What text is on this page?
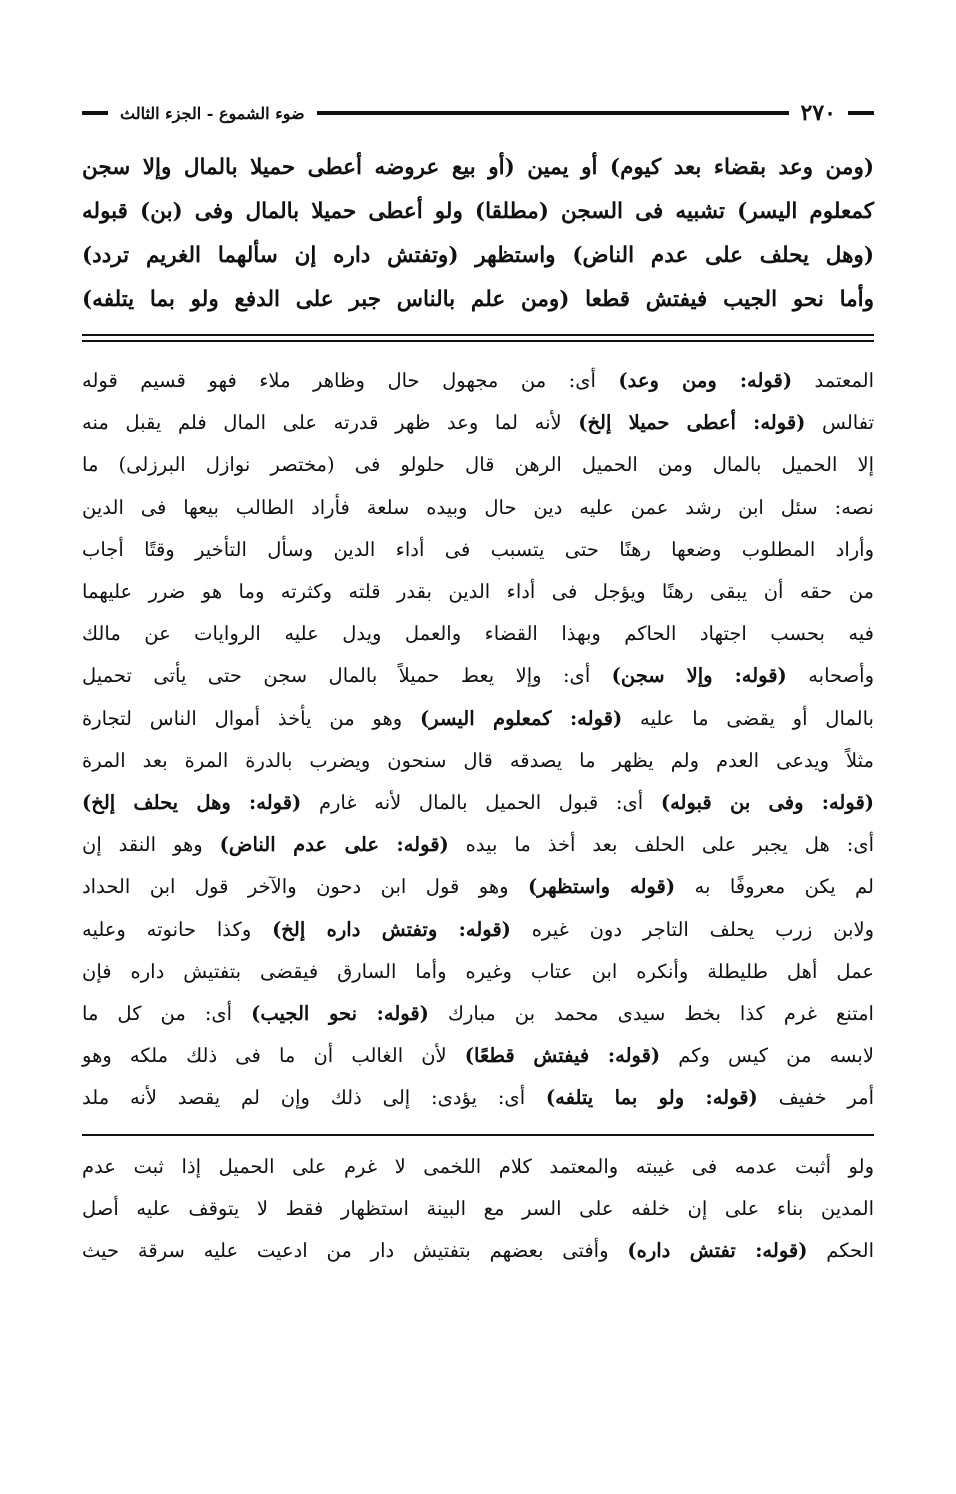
٢٧٠
ضوء الشموع - الجزء الثالث
(ومن وعد بقضاء بعد كيوم) أو يمين (أو بيع عروضه أعطى حميلا بالمال وإلا سجن
كمعلوم اليسر) تشبيه فى السجن (مطلقا) ولو أعطى حميلا بالمال وفى (بن) قبوله
(وهل يحلف على عدم الناض) واستظهر (وتفتش داره إن سألهما الغريم تردد)
وأما نحو الجيب فيفتش قطعا (ومن علم بالناس جبر على الدفع ولو بما يتلفه)

المعتمد (قوله: ومن وعد) أى: من مجهول حال وظاهر ملاء فهو قسيم قوله

تفالس (قوله: أعطى حميلا إلخ) لأنه لما وعد ظهر قدرته على المال فلم يقبل منه

إلا الحميل بالمال ومن الحميل الرهن قال حلولو فى (مختصر نوازل البرزلى) ما

نصه: سئل ابن رشد عمن عليه دين حال وبيده سلعة فأراد الطالب بيعها فى الدين

وأراد المطلوب وضعها رهنًا حتى يتسبب فى أداء الدين وسأل التأخير وقتًا أجاب

من حقه أن يبقى رهنًا ويؤجل فى أداء الدين بقدر قلته وكثرته وما هو ضرر عليهما

فيه بحسب اجتهاد الحاكم وبهذا القضاء والعمل ويدل عليه الروايات عن مالك

وأصحابه (قوله: وإلا سجن) أى: وإلا يعط حميلاً بالمال سجن حتى يأتى تحميل

بالمال أو يقضى ما عليه (قوله: كمعلوم اليسر) وهو من يأخذ أموال الناس لتجارة

مثلاً ويدعى العدم ولم يظهر ما يصدقه قال سنحون ويضرب بالدرة المرة بعد المرة

(قوله: وفى بن قبوله) أى: قبول الحميل بالمال لأنه غارم (قوله: وهل يحلف إلخ)

أى: هل يجبر على الحلف بعد أخذ ما بيده (قوله: على عدم الناض) وهو النقد إن

لم يكن معروفًا به (قوله واستظهر) وهو قول ابن دحون والآخر قول ابن الحداد

ولابن زرب يحلف التاجر دون غيره (قوله: وتفتش داره إلخ) وكذا حانوته وعليه

عمل أهل طليطلة وأنكره ابن عتاب وغيره وأما السارق فيقضى بتفتيش داره فإن

امتنع غرم كذا بخط سيدى محمد بن مبارك (قوله: نحو الجيب) أى: من كل ما

لابسه من كيس وكم (قوله: فيفتش قطعًا) لأن الغالب أن ما فى ذلك ملكه وهو

أمر خفيف (قوله: ولو بما يتلفه) أى: يؤدى: إلى ذلك وإن لم يقصد لأنه ملد

ولو أثبت عدمه فى غيبته والمعتمد كلام اللخمى لا غرم على الحميل إذا ثبت عدم

المدين بناء على إن خلفه على السر مع البينة استظهار فقط لا يتوقف عليه أصل

الحكم (قوله: تفتش داره) وأفتى بعضهم بتفتيش دار من ادعيت عليه سرقة حيث
